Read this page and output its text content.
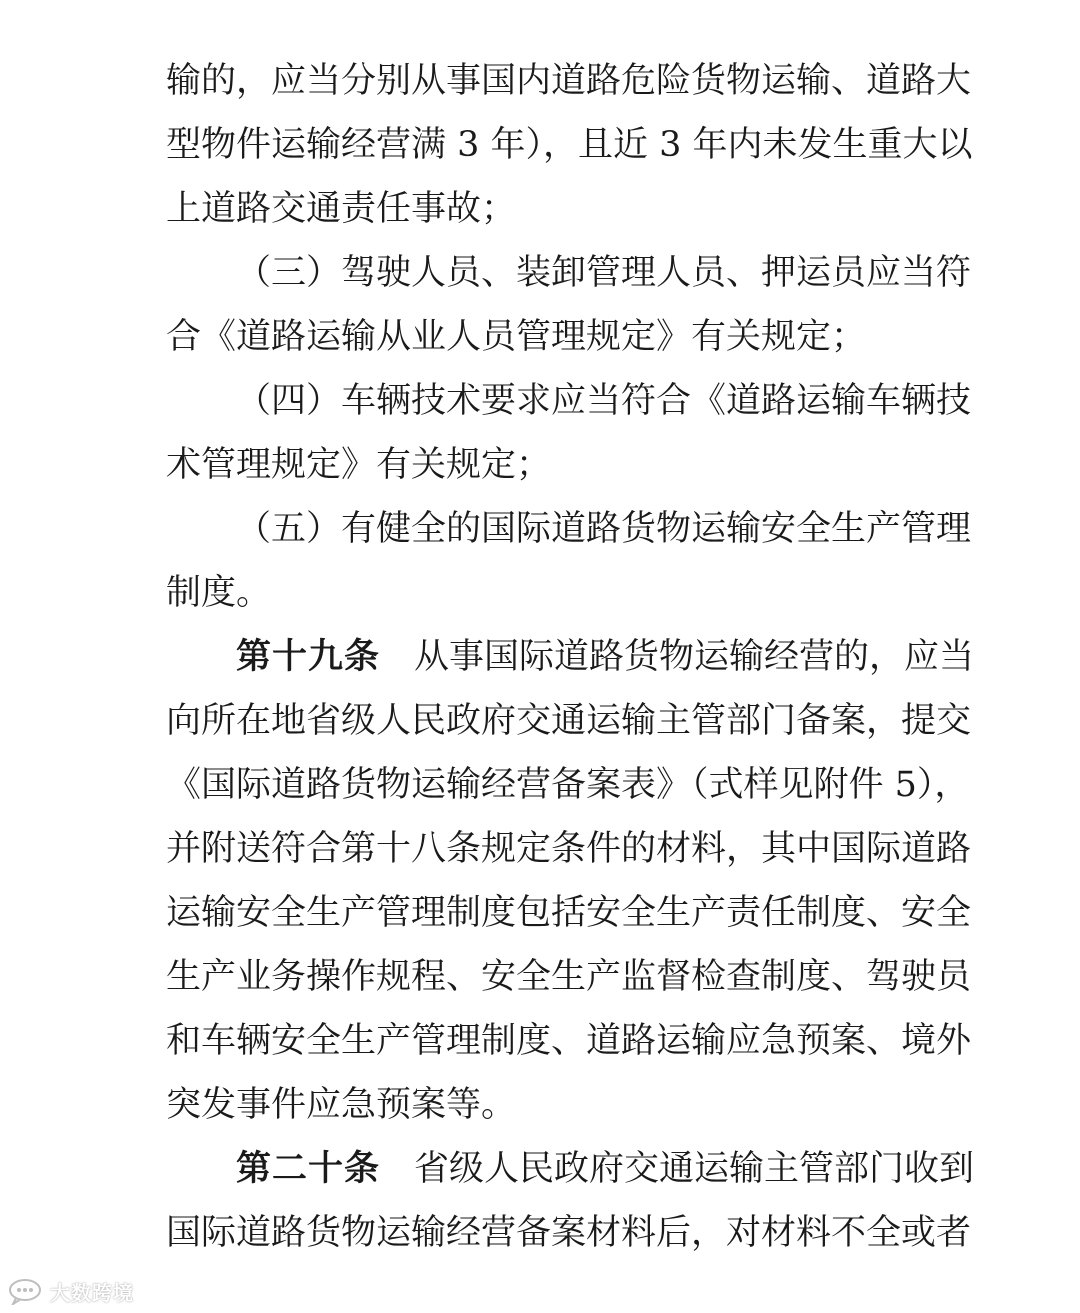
输的，应当分别从事国内道路危险货物运输、道路大
型物件运输经营满 3 年），且近 3 年内未发生重大以
上道路交通责任事故；
（三）驾驶人员、装卸管理人员、押运员应当符
合《道路运输从业人员管理规定》有关规定；
（四）车辆技术要求应当符合《道路运输车辆技
术管理规定》有关规定；
（五）有健全的国际道路货物运输安全生产管理
制度。
第十九条 从事国际道路货物运输经营的，应当
向所在地省级人民政府交通运输主管部门备案，提交
《国际道路货物运输经营备案表》（式样见附件 5），
并附送符合第十八条规定条件的材料，其中国际道路
运输安全生产管理制度包括安全生产责任制度、安全
生产业务操作规程、安全生产监督检查制度、驾驶员
和车辆安全生产管理制度、道路运输应急预案、境外
突发事件应急预案等。
第二十条 省级人民政府交通运输主管部门收到
国际道路货物运输经营备案材料后，对材料不全或者
大数跨境
